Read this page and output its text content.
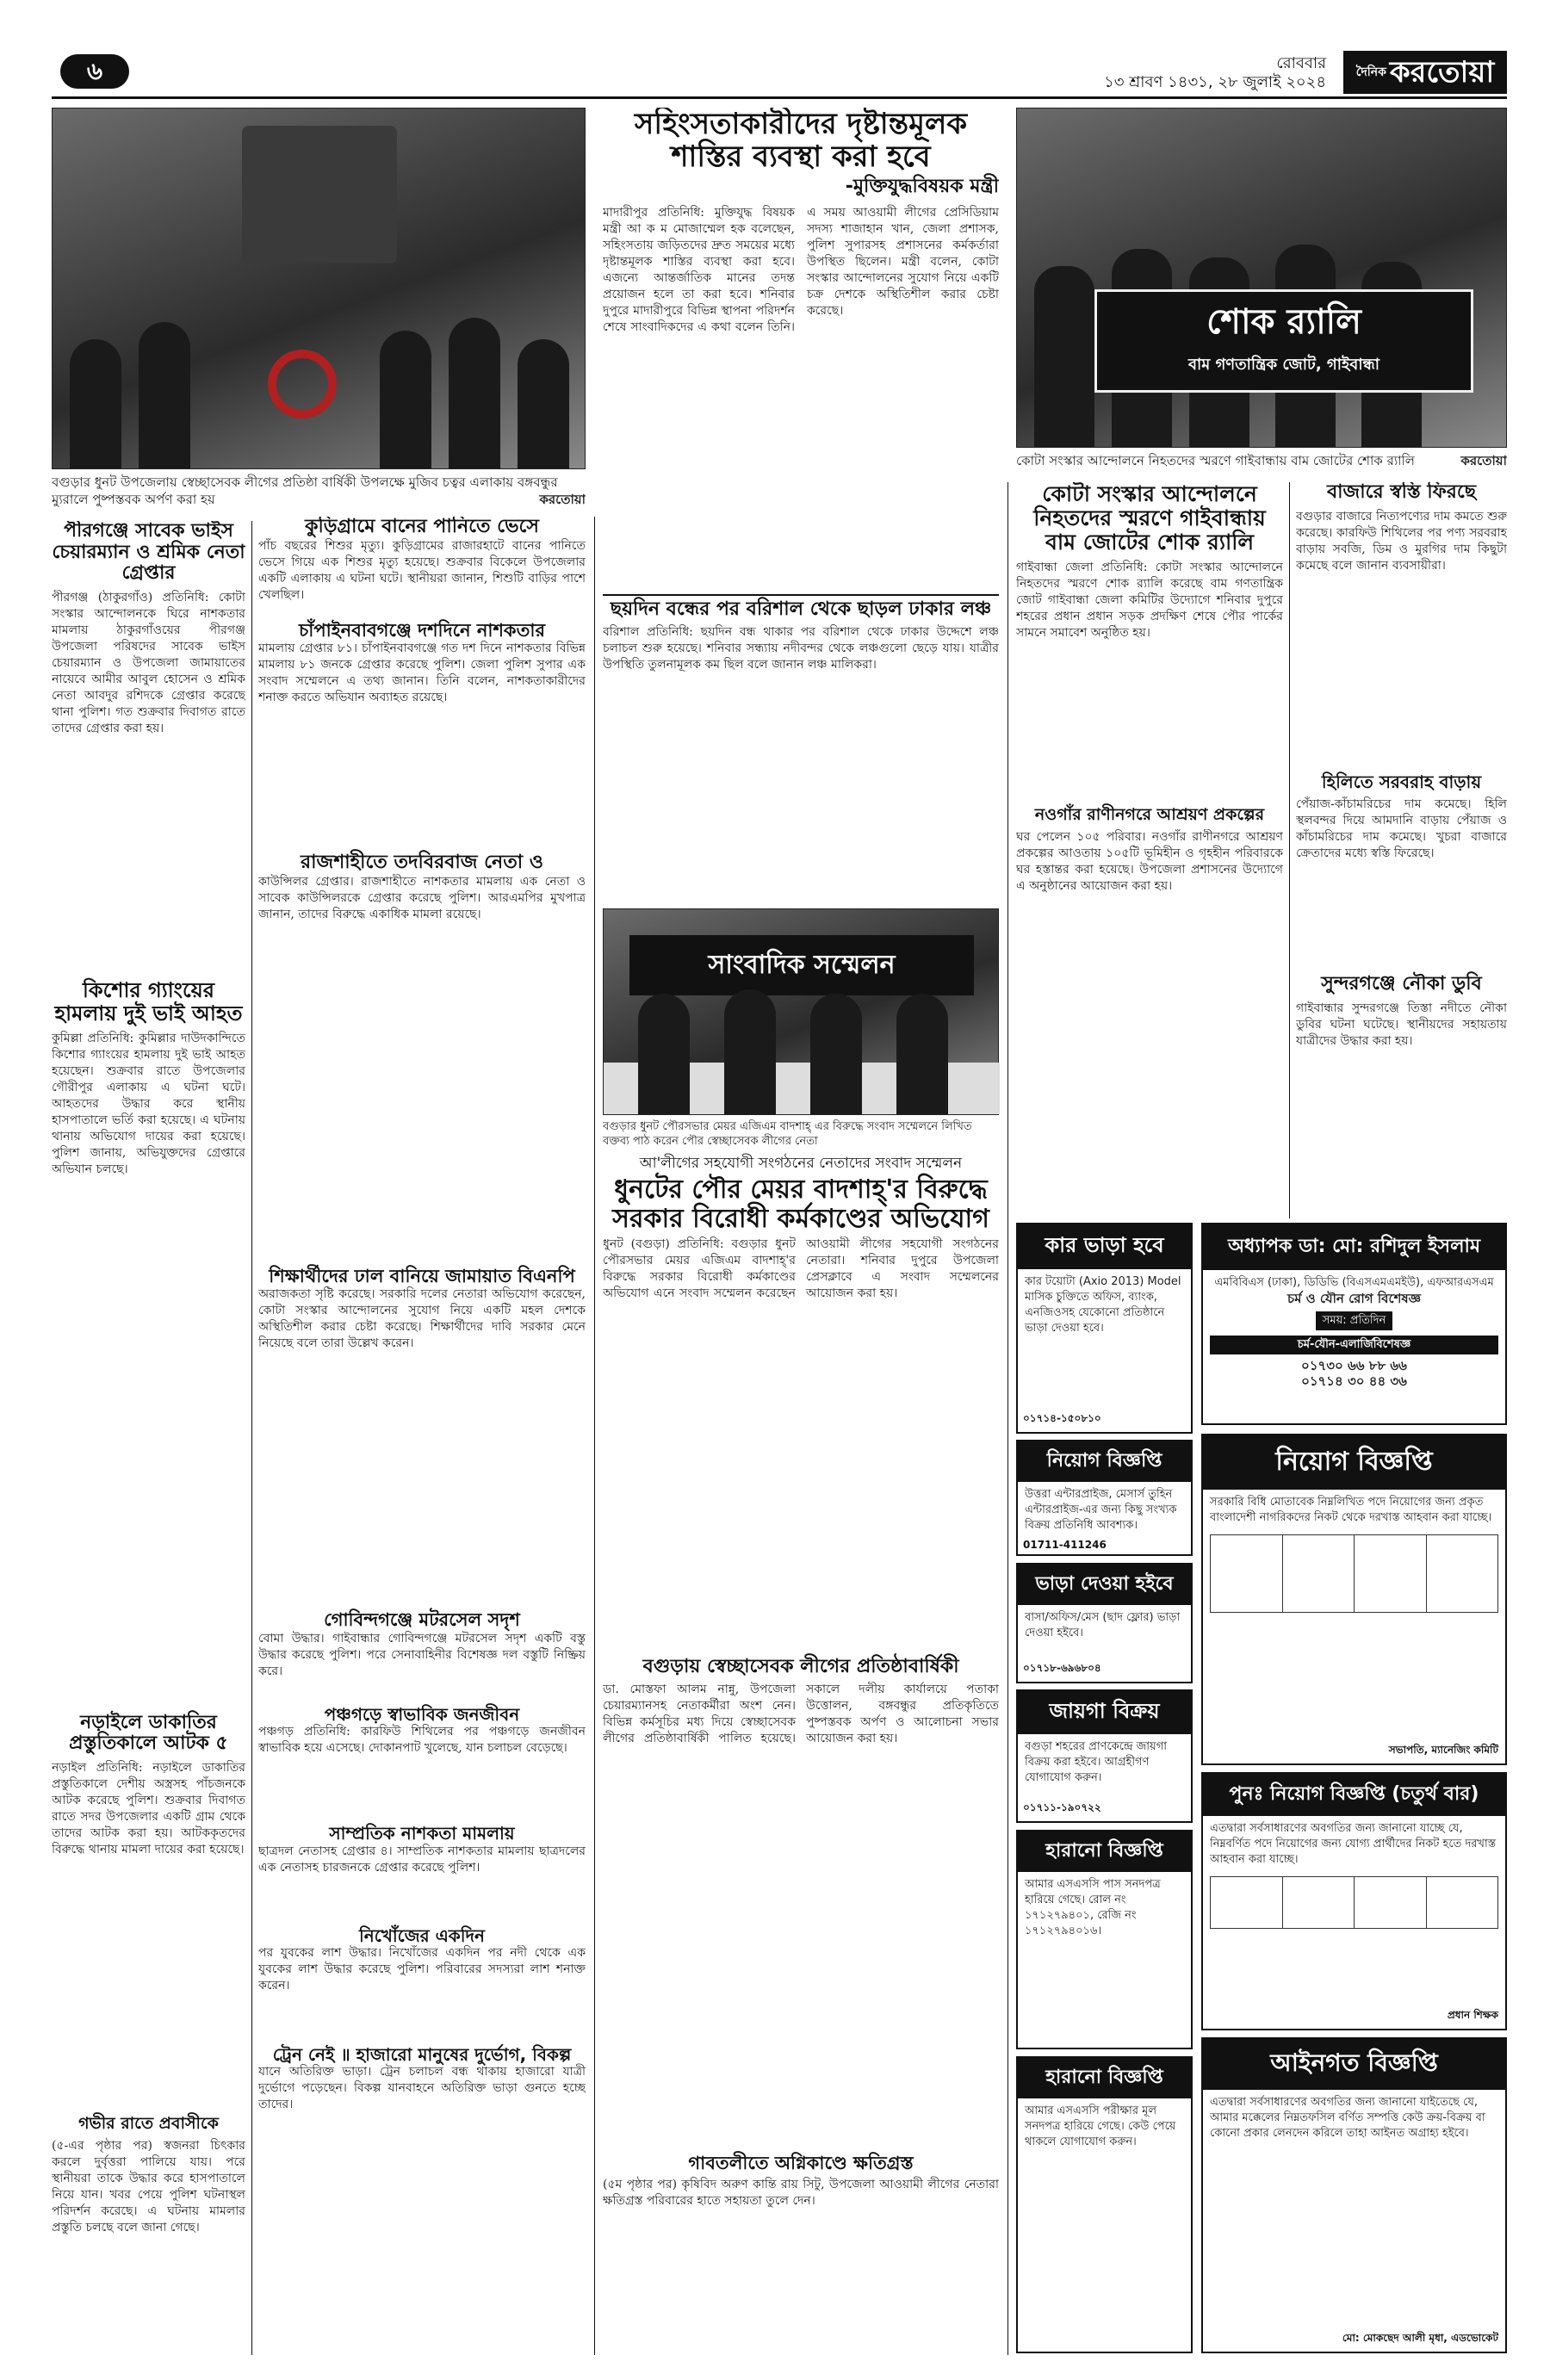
৬	রোববার
১৩ শ্রাবণ ১৪৩১, ২৮ জুলাই ২০২৪
$^{দৈনিক}$ করতোয়া
বগুড়ার ধুনট উপজেলায় স্বেচ্ছাসেবক লীগের প্রতিষ্ঠা বার্ষিকী উপলক্ষে মুজিব চত্বর এলাকায় বঙ্গবন্ধুর ম্যুরালে পুষ্পস্তবক অর্পণ করা হয়	করতোয়া
সহিংসতাকারীদের দৃষ্টান্তমূলক
শাস্তির ব্যবস্থা করা হবে
-মুক্তিযুদ্ধবিষয়ক মন্ত্রী
মাদারীপুর প্রতিনিধি: মুক্তিযুদ্ধ বিষয়ক মন্ত্রী আ ক ম মোজাম্মেল হক বলেছেন, সহিংসতায় জড়িতদের দ্রুত সময়ের মধ্যে দৃষ্টান্তমূলক শাস্তির ব্যবস্থা করা হবে। এজন্যে আন্তর্জাতিক মানের তদন্ত প্রয়োজন হলে তা করা হবে। শনিবার দুপুরে মাদারীপুরে বিভিন্ন স্থাপনা পরিদর্শন শেষে সাংবাদিকদের এ কথা বলেন তিনি। এ সময় আওয়ামী লীগের প্রেসিডিয়াম সদস্য শাজাহান খান, জেলা প্রশাসক, পুলিশ সুপারসহ প্রশাসনের কর্মকর্তারা উপস্থিত ছিলেন। মন্ত্রী বলেন, কোটা সংস্কার আন্দোলনের সুযোগ নিয়ে একটি চক্র দেশকে অস্থিতিশীল করার চেষ্টা করেছে।	শোক র‍্যালি
বাম গণতান্ত্রিক জোট, গাইবান্ধা
কোটা সংস্কার আন্দোলনে নিহতদের স্মরণে গাইবান্ধায় বাম জোটের শোক র‍্যালি	করতোয়া
পীরগঞ্জে সাবেক ভাইস চেয়ারম্যান ও শ্রমিক নেতা গ্রেপ্তার
পীরগঞ্জ (ঠাকুরগাঁও) প্রতিনিধি: কোটা সংস্কার আন্দোলনকে ঘিরে নাশকতার মামলায় ঠাকুরগাঁওয়ের পীরগঞ্জ উপজেলা পরিষদের সাবেক ভাইস চেয়ারম্যান ও উপজেলা জামায়াতের নায়েবে আমীর আবুল হোসেন ও শ্রমিক নেতা আবদুর রশিদকে গ্রেপ্তার করেছে থানা পুলিশ। গত শুক্রবার দিবাগত রাতে তাদের গ্রেপ্তার করা হয়।
কিশোর গ্যাংয়ের হামলায় দুই ভাই আহত
কুমিল্লা প্রতিনিধি: কুমিল্লার দাউদকান্দিতে কিশোর গ্যাংয়ের হামলায় দুই ভাই আহত হয়েছেন। শুক্রবার রাতে উপজেলার গৌরীপুর এলাকায় এ ঘটনা ঘটে। আহতদের উদ্ধার করে স্থানীয় হাসপাতালে ভর্তি করা হয়েছে। এ ঘটনায় থানায় অভিযোগ দায়ের করা হয়েছে। পুলিশ জানায়, অভিযুক্তদের গ্রেপ্তারে অভিযান চলছে।
নড়াইলে ডাকাতির প্রস্তুতিকালে আটক ৫
নড়াইল প্রতিনিধি: নড়াইলে ডাকাতির প্রস্তুতিকালে দেশীয় অস্ত্রসহ পাঁচজনকে আটক করেছে পুলিশ। শুক্রবার দিবাগত রাতে সদর উপজেলার একটি গ্রাম থেকে তাদের আটক করা হয়। আটককৃতদের বিরুদ্ধে থানায় মামলা দায়ের করা হয়েছে।
গভীর রাতে প্রবাসীকে
(৫-এর পৃষ্ঠার পর) স্বজনরা চিৎকার করলে দুর্বৃত্তরা পালিয়ে যায়। পরে স্থানীয়রা তাকে উদ্ধার করে হাসপাতালে নিয়ে যান। খবর পেয়ে পুলিশ ঘটনাস্থল পরিদর্শন করেছে। এ ঘটনায় মামলার প্রস্তুতি চলছে বলে জানা গেছে।
কুড়িগ্রামে বানের পানিতে ভেসে
পাঁচ বছরের শিশুর মৃত্যু। কুড়িগ্রামের রাজারহাটে বানের পানিতে ভেসে গিয়ে এক শিশুর মৃত্যু হয়েছে। শুক্রবার বিকেলে উপজেলার একটি এলাকায় এ ঘটনা ঘটে। স্থানীয়রা জানান, শিশুটি বাড়ির পাশে খেলছিল।
চাঁপাইনবাবগঞ্জে দশদিনে নাশকতার
মামলায় গ্রেপ্তার ৮১। চাঁপাইনবাবগঞ্জে গত দশ দিনে নাশকতার বিভিন্ন মামলায় ৮১ জনকে গ্রেপ্তার করেছে পুলিশ। জেলা পুলিশ সুপার এক সংবাদ সম্মেলনে এ তথ্য জানান। তিনি বলেন, নাশকতাকারীদের শনাক্ত করতে অভিযান অব্যাহত রয়েছে।
রাজশাহীতে তদবিরবাজ নেতা ও
কাউন্সিলর গ্রেপ্তার। রাজশাহীতে নাশকতার মামলায় এক নেতা ও সাবেক কাউন্সিলরকে গ্রেপ্তার করেছে পুলিশ। আরএমপির মুখপাত্র জানান, তাদের বিরুদ্ধে একাধিক মামলা রয়েছে।
শিক্ষার্থীদের ঢাল বানিয়ে জামায়াত বিএনপি
অরাজকতা সৃষ্টি করেছে। সরকারি দলের নেতারা অভিযোগ করেছেন, কোটা সংস্কার আন্দোলনের সুযোগ নিয়ে একটি মহল দেশকে অস্থিতিশীল করার চেষ্টা করেছে। শিক্ষার্থীদের দাবি সরকার মেনে নিয়েছে বলে তারা উল্লেখ করেন।
গোবিন্দগঞ্জে মটরসেল সদৃশ
বোমা উদ্ধার। গাইবান্ধার গোবিন্দগঞ্জে মটরসেল সদৃশ একটি বস্তু উদ্ধার করেছে পুলিশ। পরে সেনাবাহিনীর বিশেষজ্ঞ দল বস্তুটি নিষ্ক্রিয় করে।
পঞ্চগড়ে স্বাভাবিক জনজীবন
পঞ্চগড় প্রতিনিধি: কারফিউ শিথিলের পর পঞ্চগড়ে জনজীবন স্বাভাবিক হয়ে এসেছে। দোকানপাট খুলেছে, যান চলাচল বেড়েছে।
সাম্প্রতিক নাশকতা মামলায়
ছাত্রদল নেতাসহ গ্রেপ্তার ৪। সাম্প্রতিক নাশকতার মামলায় ছাত্রদলের এক নেতাসহ চারজনকে গ্রেপ্তার করেছে পুলিশ।
নিখোঁজের একদিন
পর যুবকের লাশ উদ্ধার। নিখোঁজের একদিন পর নদী থেকে এক যুবকের লাশ উদ্ধার করেছে পুলিশ। পরিবারের সদস্যরা লাশ শনাক্ত করেন।
ট্রেন নেই ॥ হাজারো মানুষের দুর্ভোগ, বিকল্প
যানে অতিরিক্ত ভাড়া। ট্রেন চলাচল বন্ধ থাকায় হাজারো যাত্রী দুর্ভোগে পড়েছেন। বিকল্প যানবাহনে অতিরিক্ত ভাড়া গুনতে হচ্ছে তাদের।
ছয়দিন বন্ধের পর বরিশাল থেকে ছাড়ল ঢাকার লঞ্চ
বরিশাল প্রতিনিধি: ছয়দিন বন্ধ থাকার পর বরিশাল থেকে ঢাকার উদ্দেশে লঞ্চ চলাচল শুরু হয়েছে। শনিবার সন্ধ্যায় নদীবন্দর থেকে লঞ্চগুলো ছেড়ে যায়। যাত্রীর উপস্থিতি তুলনামূলক কম ছিল বলে জানান লঞ্চ মালিকরা।
সাংবাদিক সম্মেলন
বগুড়ার ধুনট পৌরসভার মেয়র এজিএম বাদশাহ্ এর বিরুদ্ধে সংবাদ সম্মেলনে লিখিত বক্তব্য পাঠ করেন পৌর স্বেচ্ছাসেবক লীগের নেতা
আ'লীগের সহযোগী সংগঠনের নেতাদের সংবাদ সম্মেলন
ধুনটের পৌর মেয়র বাদশাহ্'র বিরুদ্ধে সরকার বিরোধী কর্মকাণ্ডের অভিযোগ
ধুনট (বগুড়া) প্রতিনিধি: বগুড়ার ধুনট পৌরসভার মেয়র এজিএম বাদশাহ্'র বিরুদ্ধে সরকার বিরোধী কর্মকাণ্ডের অভিযোগ এনে সংবাদ সম্মেলন করেছেন আওয়ামী লীগের সহযোগী সংগঠনের নেতারা। শনিবার দুপুরে উপজেলা প্রেসক্লাবে এ সংবাদ সম্মেলনের আয়োজন করা হয়।
বগুড়ায় স্বেচ্ছাসেবক লীগের প্রতিষ্ঠাবার্ষিকী
ডা. মোস্তফা আলম নান্নু, উপজেলা চেয়ারম্যানসহ নেতাকর্মীরা অংশ নেন। বিভিন্ন কর্মসূচির মধ্য দিয়ে স্বেচ্ছাসেবক লীগের প্রতিষ্ঠাবার্ষিকী পালিত হয়েছে। সকালে দলীয় কার্যালয়ে পতাকা উত্তোলন, বঙ্গবন্ধুর প্রতিকৃতিতে পুষ্পস্তবক অর্পণ ও আলোচনা সভার আয়োজন করা হয়।
গাবতলীতে অগ্নিকাণ্ডে ক্ষতিগ্রস্ত
(৫ম পৃষ্ঠার পর) কৃষিবিদ অরুণ কান্তি রায় সিটু, উপজেলা আওয়ামী লীগের নেতারা ক্ষতিগ্রস্ত পরিবারের হাতে সহায়তা তুলে দেন।
কোটা সংস্কার আন্দোলনে নিহতদের স্মরণে গাইবান্ধায় বাম জোটের শোক র‍্যালি
গাইবান্ধা জেলা প্রতিনিধি: কোটা সংস্কার আন্দোলনে নিহতদের স্মরণে শোক র‍্যালি করেছে বাম গণতান্ত্রিক জোট গাইবান্ধা জেলা কমিটির উদ্যোগে শনিবার দুপুরে শহরের প্রধান প্রধান সড়ক প্রদক্ষিণ শেষে পৌর পার্কের সামনে সমাবেশ অনুষ্ঠিত হয়।
নওগাঁর রাণীনগরে আশ্রয়ণ প্রকল্পের
ঘর পেলেন ১০৫ পরিবার। নওগাঁর রাণীনগরে আশ্রয়ণ প্রকল্পের আওতায় ১০৫টি ভূমিহীন ও গৃহহীন পরিবারকে ঘর হস্তান্তর করা হয়েছে। উপজেলা প্রশাসনের উদ্যোগে এ অনুষ্ঠানের আয়োজন করা হয়।
বাজারে স্বস্তি ফিরছে
বগুড়ার বাজারে নিত্যপণ্যের দাম কমতে শুরু করেছে। কারফিউ শিথিলের পর পণ্য সরবরাহ বাড়ায় সবজি, ডিম ও মুরগির দাম কিছুটা কমেছে বলে জানান ব্যবসায়ীরা।
হিলিতে সরবরাহ বাড়ায়
পেঁয়াজ-কাঁচামরিচের দাম কমেছে। হিলি স্থলবন্দর দিয়ে আমদানি বাড়ায় পেঁয়াজ ও কাঁচামরিচের দাম কমেছে। খুচরা বাজারে ক্রেতাদের মধ্যে স্বস্তি ফিরেছে।
সুন্দরগঞ্জে নৌকা ডুবি
গাইবান্ধার সুন্দরগঞ্জে তিস্তা নদীতে নৌকা ডুবির ঘটনা ঘটেছে। স্থানীয়দের সহায়তায় যাত্রীদের উদ্ধার করা হয়।
কার ভাড়া হবে
কার টয়োটা (Axio 2013) Model মাসিক চুক্তিতে অফিস, ব্যাংক, এনজিওসহ যেকোনো প্রতিষ্ঠানে ভাড়া দেওয়া হবে।
০১৭১৪-১৫০৮১০
নিয়োগ বিজ্ঞপ্তি
উত্তরা এন্টারপ্রাইজ, মেসার্স তুহিন এন্টারপ্রাইজ-এর জন্য কিছু সংখ্যক বিক্রয় প্রতিনিধি আবশ্যক।
01711-411246
ভাড়া দেওয়া হইবে
বাসা/অফিস/মেস (ছাদ ফ্লোর) ভাড়া দেওয়া হইবে।
০১৭১৮-৬৯৬৮০৪
জায়গা বিক্রয়
বগুড়া শহরের প্রাণকেন্দ্রে জায়গা বিক্রয় করা হইবে। আগ্রহীগণ যোগাযোগ করুন।
০১৭১১-১৯০৭২২
হারানো বিজ্ঞপ্তি
আমার এসএসসি পাস সনদপত্র হারিয়ে গেছে। রোল নং ১৭১২৭৯৪০১, রেজি নং ১৭১২৭৯৪০১৬।
হারানো বিজ্ঞপ্তি
আমার এসএসসি পরীক্ষার মূল সনদপত্র হারিয়ে গেছে। কেউ পেয়ে থাকলে যোগাযোগ করুন।
অধ্যাপক ডা: মো: রশিদুল ইসলাম
এমবিবিএস (ঢাকা), ডিডিভি (বিএসএমএমইউ), এফআরএসএম
চর্ম ও যৌন রোগ বিশেষজ্ঞ
সময়: প্রতিদিন
চর্ম-যৌন-এলার্জিবিশেষজ্ঞ
০১৭৩০ ৬৬ ৮৮ ৬৬
০১৭১৪ ৩০ ৪৪ ৩৬
নিয়োগ বিজ্ঞপ্তি
সরকারি বিধি মোতাবেক নিম্নলিখিত পদে নিয়োগের জন্য প্রকৃত বাংলাদেশী নাগরিকদের নিকট থেকে দরখাস্ত আহবান করা যাচ্ছে।

সভাপতি, ম্যানেজিং কমিটি
পুনঃ নিয়োগ বিজ্ঞপ্তি (চতুর্থ বার)
এতদ্বারা সর্বসাধারণের অবগতির জন্য জানানো যাচ্ছে যে, নিম্নবর্ণিত পদে নিয়োগের জন্য যোগ্য প্রার্থীদের নিকট হতে দরখাস্ত আহবান করা যাচ্ছে।

প্রধান শিক্ষক
আইনগত বিজ্ঞপ্তি
এতদ্বারা সর্বসাধারণের অবগতির জন্য জানানো যাইতেছে যে, আমার মক্কেলের নিম্নতফসিল বর্ণিত সম্পত্তি কেউ ক্রয়-বিক্রয় বা কোনো প্রকার লেনদেন করিলে তাহা আইনত অগ্রাহ্য হইবে।
মো: মোকছেদ আলী মৃধা, এডভোকেট
